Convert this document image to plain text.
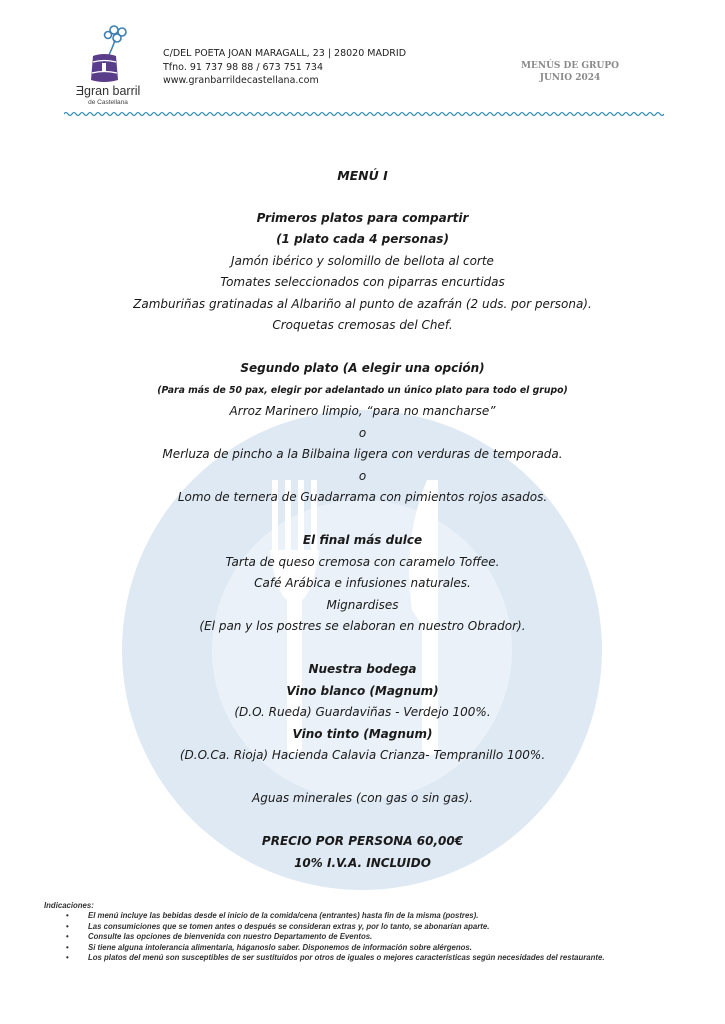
Ǝgran barril
de Castellana
C/DEL POETA JOAN MARAGALL, 23 | 28020 MADRID
Tfno. 91 737 98 88 / 673 751 734
www.granbarrildecastellana.com
MENÚS DE GRUPO
JUNIO 2024
MENÚ I
Primeros platos para compartir
(1 plato cada 4 personas)
Jamón ibérico y solomillo de bellota al corte
Tomates seleccionados con piparras encurtidas
Zamburiñas gratinadas al Albariño al punto de azafrán (2 uds. por persona).
Croquetas cremosas del Chef.
Segundo plato (A elegir una opción)
(Para más de 50 pax, elegir por adelantado un único plato para todo el grupo)
Arroz Marinero limpio, “para no mancharse”
o
Merluza de pincho a la Bilbaina ligera con verduras de temporada.
o
Lomo de ternera de Guadarrama con pimientos rojos asados.
El final más dulce
Tarta de queso cremosa con caramelo Toffee.
Café Arábica e infusiones naturales.
Mignardises
(El pan y los postres se elaboran en nuestro Obrador).
Nuestra bodega
Vino blanco (Magnum)
(D.O. Rueda) Guardaviñas - Verdejo 100%.
Vino tinto (Magnum)
(D.O.Ca. Rioja) Hacienda Calavia Crianza- Tempranillo 100%.
Aguas minerales (con gas o sin gas).
PRECIO POR PERSONA 60,00€
10% I.V.A. INCLUIDO
Indicaciones:
• El menú incluye las bebidas desde el inicio de la comida/cena (entrantes) hasta fin de la misma (postres).
• Las consumiciones que se tomen antes o después se consideran extras y, por lo tanto, se abonarían aparte.
• Consulte las opciones de bienvenida con nuestro Departamento de Eventos.
• Si tiene alguna intolerancia alimentaria, háganoslo saber. Disponemos de información sobre alérgenos.
• Los platos del menú son susceptibles de ser sustituidos por otros de iguales o mejores características según necesidades del restaurante.
